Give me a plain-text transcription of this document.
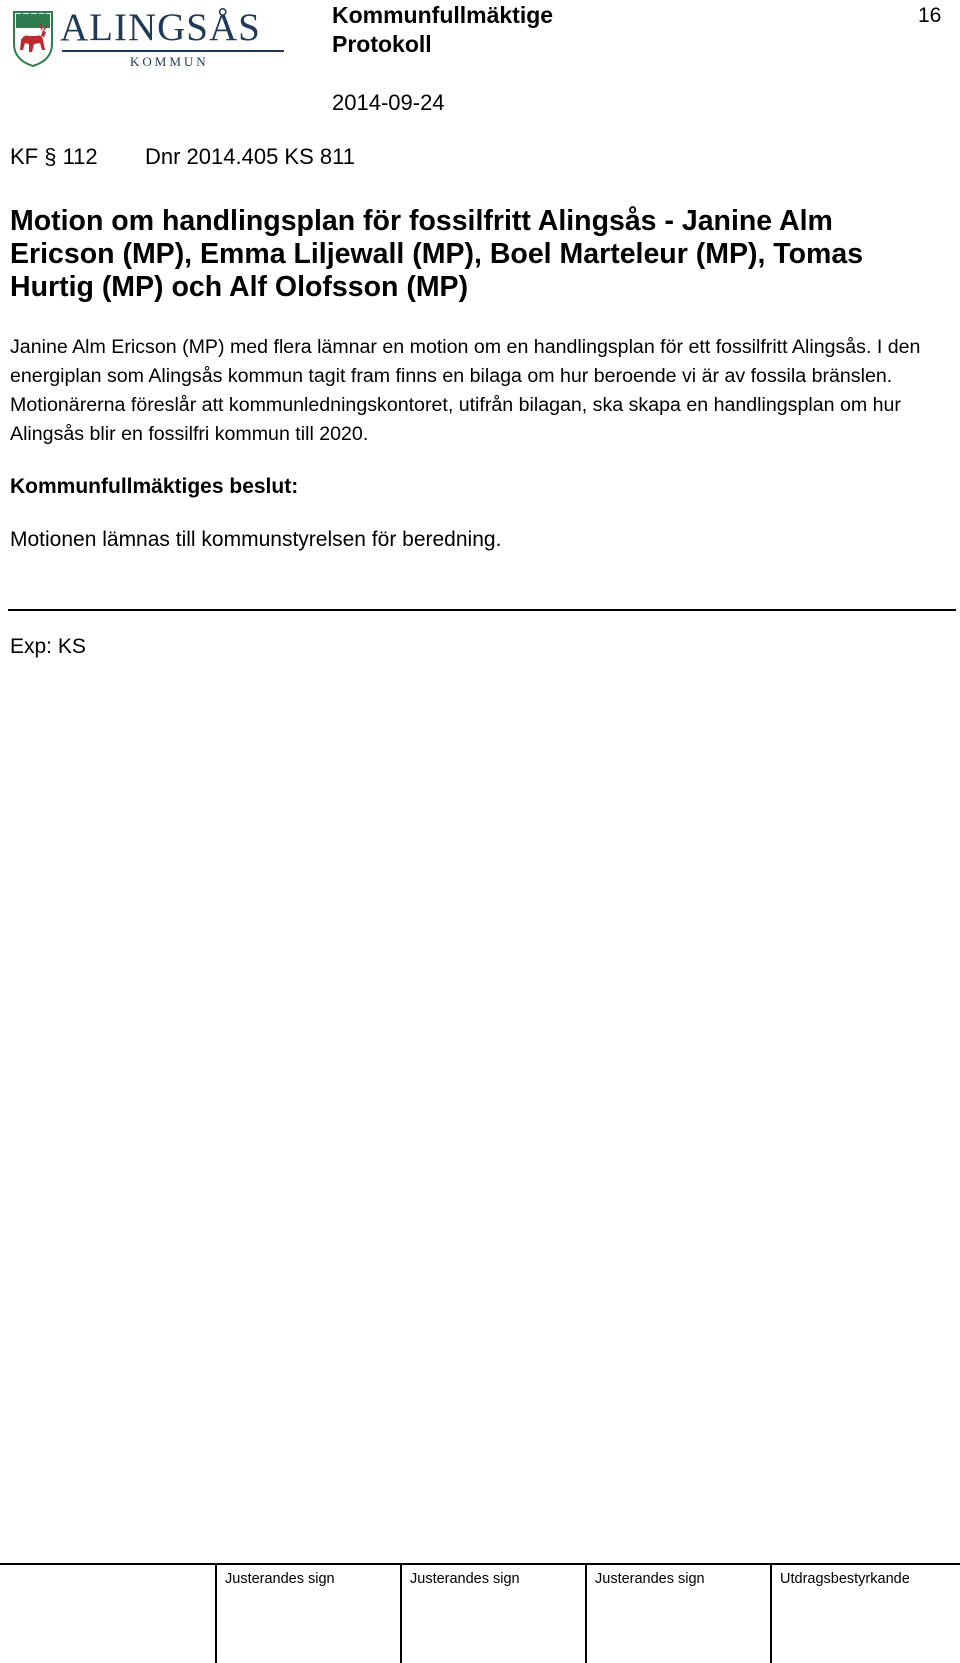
ALINGSÅS
KOMMUN
Kommunfullmäktige
Protokoll
16
2014-09-24
KF § 112 Dnr 2014.405 KS 811
Motion om handlingsplan för fossilfritt Alingsås - Janine Alm Ericson (MP), Emma Liljewall (MP), Boel Marteleur (MP), Tomas Hurtig (MP) och Alf Olofsson (MP)

Janine Alm Ericson (MP) med flera lämnar en motion om en handlingsplan för ett fossilfritt Alingsås. I den energiplan som Alingsås kommun tagit fram finns en bilaga om hur beroende vi är av fossila bränslen. Motionärerna föreslår att kommunledningskontoret, utifrån bilagan, ska skapa en handlingsplan om hur Alingsås blir en fossilfri kommun till 2020.

Kommunfullmäktiges beslut:
Motionen lämnas till kommunstyrelsen för beredning.
Exp: KS
Justerandes sign	Justerandes sign	Justerandes sign	Utdragsbestyrkande
